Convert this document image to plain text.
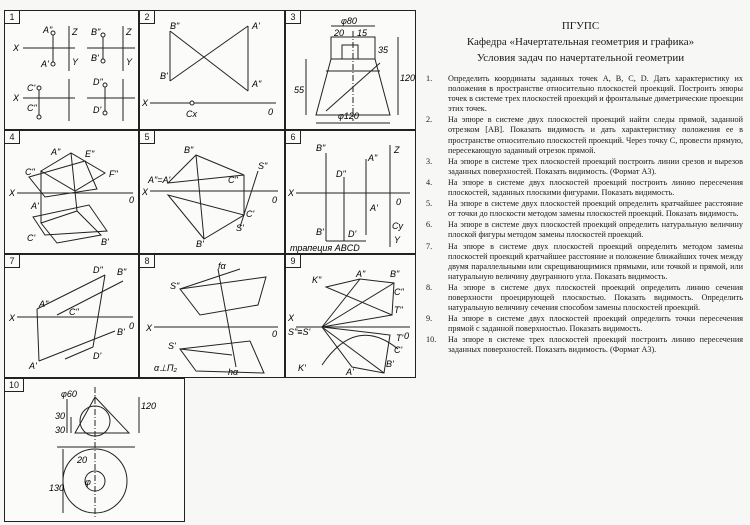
1
A"	B"
B'
A'
C'
C"
D"
D'
Z
Y
Z
Y
X
X
2
B"	A'
B'
A"
X
Cx	0
3	φ80
20 15
35
120
55
φ120
4
A"	E"
C"	F"
X
0
A'
C'	B'
5
B"
A"=A'
S"
C"
X
0
C'
S'
B'
6
B"
A"
Z
D"
X
0
A'
B'	D'
Cy
Y
трапеция ABCD
7
D" B"
A"
C"
X
0
B'
D'
A'
8	fα
S"
X
0
S'
α⊥Π₂	hα
9
K"
A"	B"
C"
T"
X
S"≡S'	0
T'
C'
B'
A'
K'
10
φ60
30
120
30
20
130
φ
ПГУПС
Кафедра «Начертательная геометрия и графика»
Условия задач по начертательной геометрии
1. Определить координаты заданных точек A, B, C, D. Дать характеристику их положения в пространстве относительно плоскостей проекций. Построить эпюры точек в системе трех плоскостей проекций и фронтальные диметрические проекции этих точек.
2. На эпюре в системе двух плоскостей проекций найти следы прямой, заданной отрезком [AB]. Показать видимость и дать характеристику положения ее в пространстве относительно плоскостей проекций. Через точку C, провести прямую, пересекающую заданный отрезок прямой.
3. На эпюре в системе трех плоскостей проекций построить линии срезов и вырезов заданных поверхностей. Показать видимость. (Формат A3).
4. На эпюре в системе двух плоскостей проекций построить линию пересечения плоскостей, заданных плоскими фигурами. Показать видимость.
5. На эпюре в системе двух плоскостей проекций определить кратчайшее расстояние от точки до плоскости методом замены плоскостей проекций. Показать видимость.
6. На эпюре в системе двух плоскостей проекций определить натуральную величину плоской фигуры методом замены плоскостей проекций.
7. На эпюре в системе двух плоскостей проекций определить методом замены плоскостей проекций кратчайшее расстояние и положение ближайших точек между двумя параллельными или скрещивающимися прямыми, или точкой и прямой, или натуральную величину двугранного угла. Показать видимость.
8. На эпюре в системе двух плоскостей проекций определить линию сечения поверхности проецирующей плоскостью. Показать видимость. Определить натуральную величину сечения способом замены плоскостей проекций.
9. На эпюре в системе двух плоскостей проекций определить точки пересечения прямой с заданной поверхностью. Показать видимость.
10. На эпюре в системе трех плоскостей проекций построить линию пересечения заданных поверхностей. Показать видимость. (Формат A3).
